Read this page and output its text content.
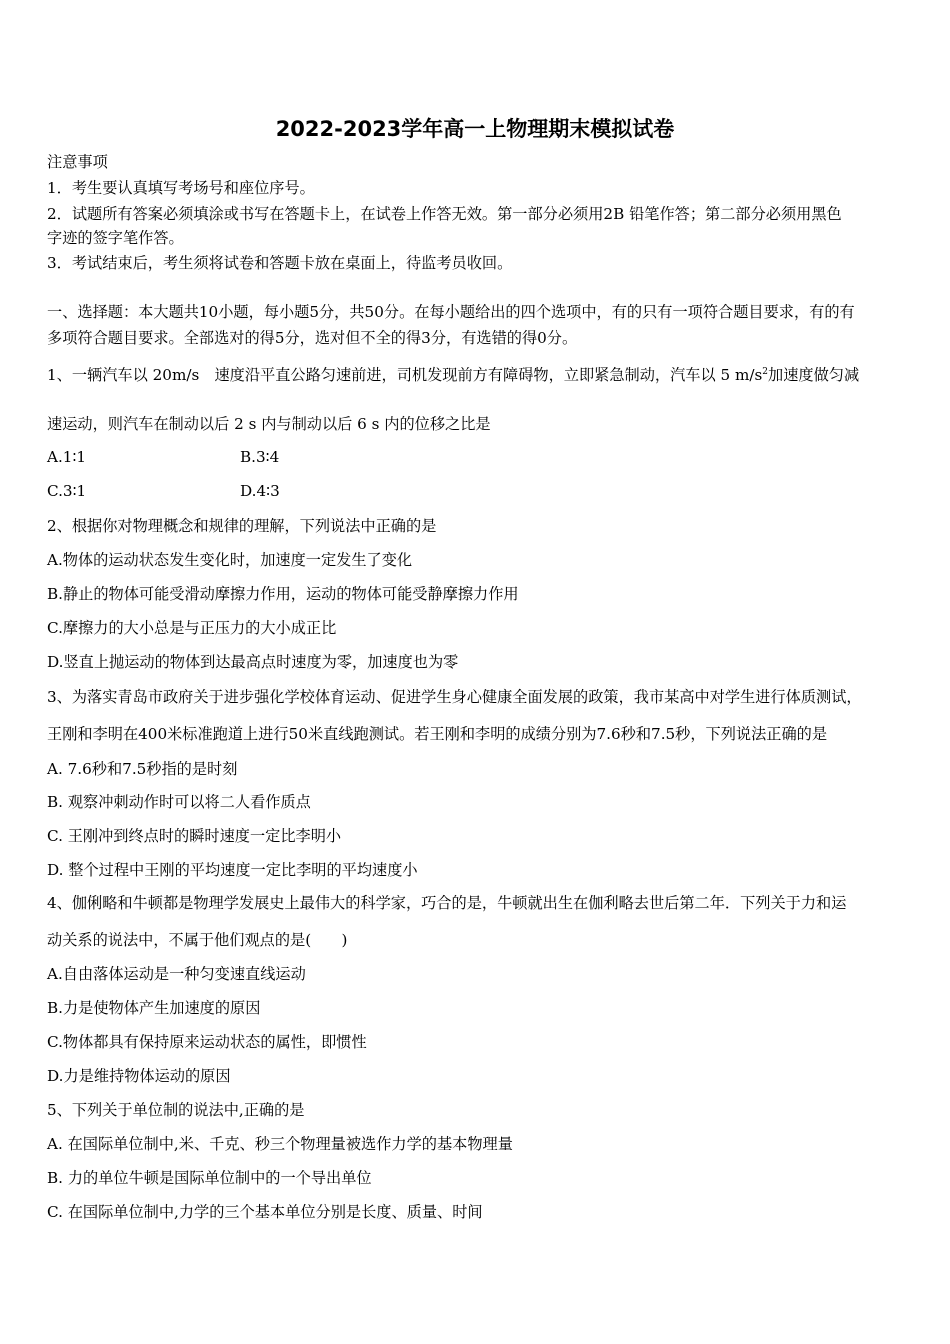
2022-2023学年高一上物理期末模拟试卷
注意事项
1．考生要认真填写考场号和座位序号。
2．试题所有答案必须填涂或书写在答题卡上，在试卷上作答无效。第一部分必须用2B 铅笔作答；第二部分必须用黑色
字迹的签字笔作答。
3．考试结束后，考生须将试卷和答题卡放在桌面上，待监考员收回。
一、选择题：本大题共10小题，每小题5分，共50分。在每小题给出的四个选项中，有的只有一项符合题目要求，有的有
多项符合题目要求。全部选对的得5分，选对但不全的得3分，有选错的得0分。
1、一辆汽车以 20m/s　速度沿平直公路匀速前进，司机发现前方有障碍物，立即紧急制动，汽车以 5 $m/s^2$加速度做匀减
速运动，则汽车在制动以后 2 s 内与制动以后 6 s 内的位移之比是
A.1∶1	B.3∶4
C.3∶1	D.4∶3
2、根据你对物理概念和规律的理解，下列说法中正确的是
A.物体的运动状态发生变化时，加速度一定发生了变化
B.静止的物体可能受滑动摩擦力作用，运动的物体可能受静摩擦力作用
C.摩擦力的大小总是与正压力的大小成正比
D.竖直上抛运动的物体到达最高点时速度为零，加速度也为零
3、为落实青岛市政府关于进步强化学校体育运动、促进学生身心健康全面发展的政策，我市某高中对学生进行体质测试，
王刚和李明在400米标准跑道上进行50米直线跑测试。若王刚和李明的成绩分别为7.6秒和7.5秒，下列说法正确的是
A. 7.6秒和7.5秒指的是时刻
B. 观察冲刺动作时可以将二人看作质点
C. 王刚冲到终点时的瞬时速度一定比李明小
D. 整个过程中王刚的平均速度一定比李明的平均速度小
4、伽俐略和牛顿都是物理学发展史上最伟大的科学家，巧合的是，牛顿就出生在伽利略去世后第二年．下列关于力和运
动关系的说法中，不属于他们观点的是(　　)
A.自由落体运动是一种匀变速直线运动
B.力是使物体产生加速度的原因
C.物体都具有保持原来运动状态的属性，即惯性
D.力是维持物体运动的原因
5、下列关于单位制的说法中,正确的是
A. 在国际单位制中,米、千克、秒三个物理量被选作力学的基本物理量
B. 力的单位牛顿是国际单位制中的一个导出单位
C. 在国际单位制中,力学的三个基本单位分别是长度、质量、时间
